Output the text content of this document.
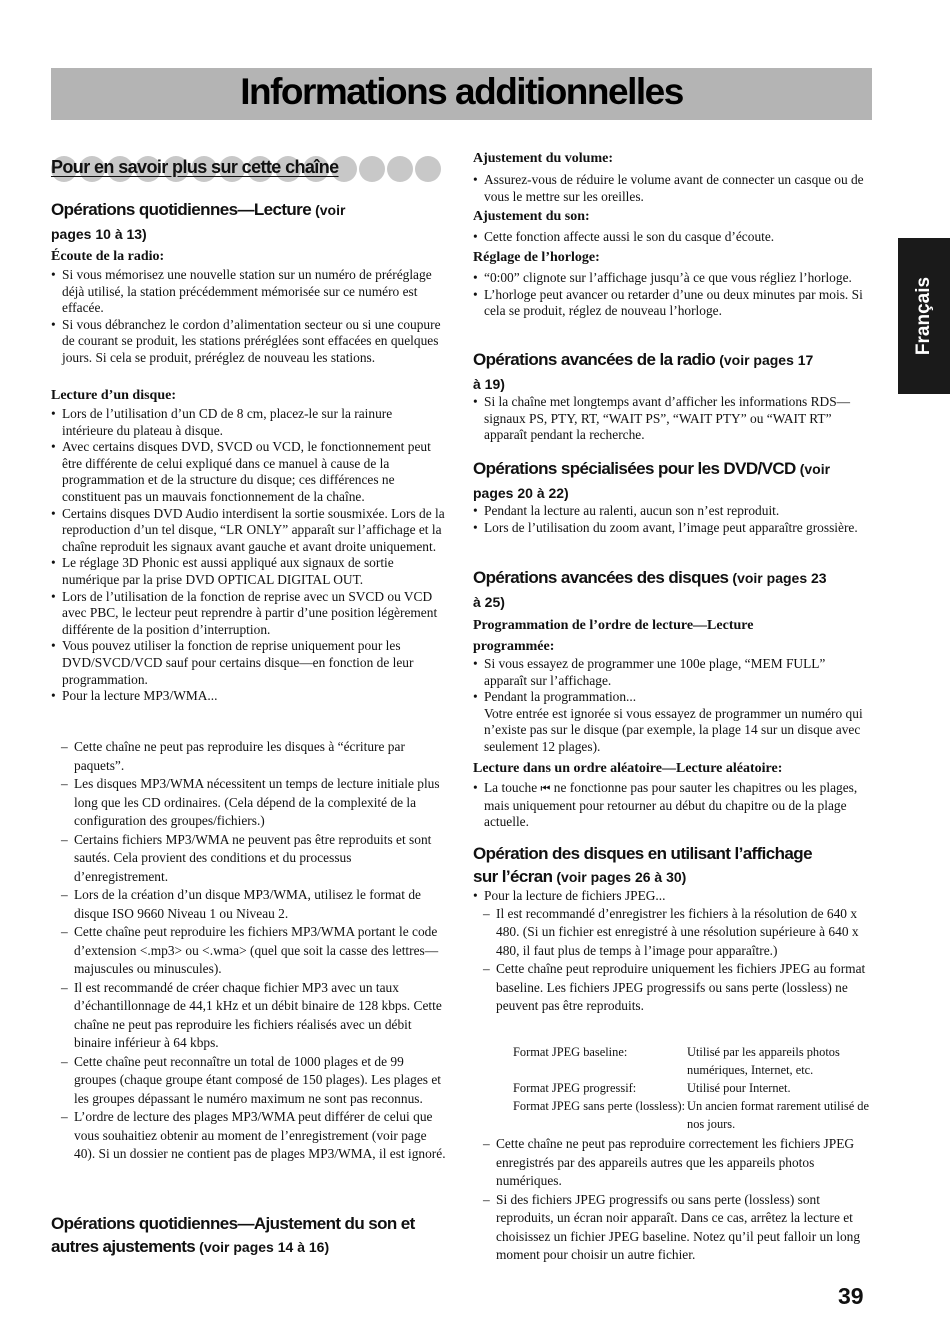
Informations additionnelles
Français
Pour en savoir plus sur cette chaîne
Opérations quotidiennes—Lecture (voir
pages 10 à 13)
Écoute de la radio:
• Si vous mémorisez une nouvelle station sur un numéro de préréglage déjà utilisé, la station précédemment mémorisée sur ce numéro est effacée.
• Si vous débranchez le cordon d’alimentation secteur ou si une coupure de courant se produit, les stations préréglées sont effacées en quelques jours. Si cela se produit, préréglez de nouveau les stations.
Lecture d’un disque:
• Lors de l’utilisation d’un CD de 8 cm, placez-le sur la rainure intérieure du plateau à disque.
• Avec certains disques DVD, SVCD ou VCD, le fonctionnement peut être différente de celui expliqué dans ce manuel à cause de la programmation et de la structure du disque; ces différences ne constituent pas un mauvais fonctionnement de la chaîne.
• Certains disques DVD Audio interdisent la sortie sousmixée. Lors de la reproduction d’un tel disque, “LR ONLY” apparaît sur l’affichage et la chaîne reproduit les signaux avant gauche et avant droite uniquement.
• Le réglage 3D Phonic est aussi appliqué aux signaux de sortie numérique par la prise DVD OPTICAL DIGITAL OUT.
• Lors de l’utilisation de la fonction de reprise avec un SVCD ou VCD avec PBC, le lecteur peut reprendre à partir d’une position légèrement différente de la position d’interruption.
• Vous pouvez utiliser la fonction de reprise uniquement pour les DVD/SVCD/VCD sauf pour certains disque—en fonction de leur programmation.
• Pour la lecture MP3/WMA...
– Cette chaîne ne peut pas reproduire les disques à “écriture par paquets”.
– Les disques MP3/WMA nécessitent un temps de lecture initiale plus long que les CD ordinaires. (Cela dépend de la complexité de la configuration des groupes/fichiers.)
– Certains fichiers MP3/WMA ne peuvent pas être reproduits et sont sautés. Cela provient des conditions et du processus d’enregistrement.
– Lors de la création d’un disque MP3/WMA, utilisez le format de disque ISO 9660 Niveau 1 ou Niveau 2.
– Cette chaîne peut reproduire les fichiers MP3/WMA portant le code d’extension <.mp3> ou <.wma> (quel que soit la casse des lettres—majuscules ou minuscules).
– Il est recommandé de créer chaque fichier MP3 avec un taux d’échantillonnage de 44,1 kHz et un débit binaire de 128 kbps. Cette chaîne ne peut pas reproduire les fichiers réalisés avec un débit binaire inférieur à 64 kbps.
– Cette chaîne peut reconnaître un total de 1000 plages et de 99 groupes (chaque groupe étant composé de 150 plages). Les plages et les groupes dépassant le numéro maximum ne sont pas reconnus.
– L’ordre de lecture des plages MP3/WMA peut différer de celui que vous souhaitiez obtenir au moment de l’enregistrement (voir page 40). Si un dossier ne contient pas de plages MP3/WMA, il est ignoré.
Opérations quotidiennes—Ajustement du son et
autres ajustements (voir pages 14 à 16)
Ajustement du volume:
• Assurez-vous de réduire le volume avant de connecter un casque ou de vous le mettre sur les oreilles.
Ajustement du son:
• Cette fonction affecte aussi le son du casque d’écoute.
Réglage de l’horloge:
• “0:00” clignote sur l’affichage jusqu’à ce que vous régliez l’horloge.
• L’horloge peut avancer ou retarder d’une ou deux minutes par mois. Si cela se produit, réglez de nouveau l’horloge.
Opérations avancées de la radio (voir pages 17
à 19)
• Si la chaîne met longtemps avant d’afficher les informations RDS—signaux PS, PTY, RT, “WAIT PS”, “WAIT PTY” ou “WAIT RT” apparaît pendant la recherche.
Opérations spécialisées pour les DVD/VCD (voir
pages 20 à 22)
• Pendant la lecture au ralenti, aucun son n’est reproduit.
• Lors de l’utilisation du zoom avant, l’image peut apparaître grossière.
Opérations avancées des disques (voir pages 23
à 25)
Programmation de l’ordre de lecture—Lecture programmée:
• Si vous essayez de programmer une 100e plage, “MEM FULL” apparaît sur l’affichage.
• Pendant la programmation...
Votre entrée est ignorée si vous essayez de programmer un numéro qui n’existe pas sur le disque (par exemple, la plage 14 sur un disque avec seulement 12 plages).
Lecture dans un ordre aléatoire—Lecture aléatoire:
• La touche ⏮ ne fonctionne pas pour sauter les chapitres ou les plages, mais uniquement pour retourner au début du chapitre ou de la plage actuelle.
Opération des disques en utilisant l’affichage
sur l’écran (voir pages 26 à 30)
• Pour la lecture de fichiers JPEG...
– Il est recommandé d’enregistrer les fichiers à la résolution de 640 x 480. (Si un fichier est enregistré à une résolution supérieure à 640 x 480, il faut plus de temps à l’image pour apparaître.)
– Cette chaîne peut reproduire uniquement les fichiers JPEG au format baseline. Les fichiers JPEG progressifs ou sans perte (lossless) ne peuvent pas être reproduits.
Format JPEG baseline:	Utilisé par les appareils photos numériques, Internet, etc.
Format JPEG progressif:	Utilisé pour Internet.
Format JPEG sans perte (lossless):	Un ancien format rarement utilisé de nos jours.
– Cette chaîne ne peut pas reproduire correctement les fichiers JPEG enregistrés par des appareils autres que les appareils photos numériques.
– Si des fichiers JPEG progressifs ou sans perte (lossless) sont reproduits, un écran noir apparaît. Dans ce cas, arrêtez la lecture et choisissez un fichier JPEG baseline. Notez qu’il peut falloir un long moment pour choisir un autre fichier.
39
